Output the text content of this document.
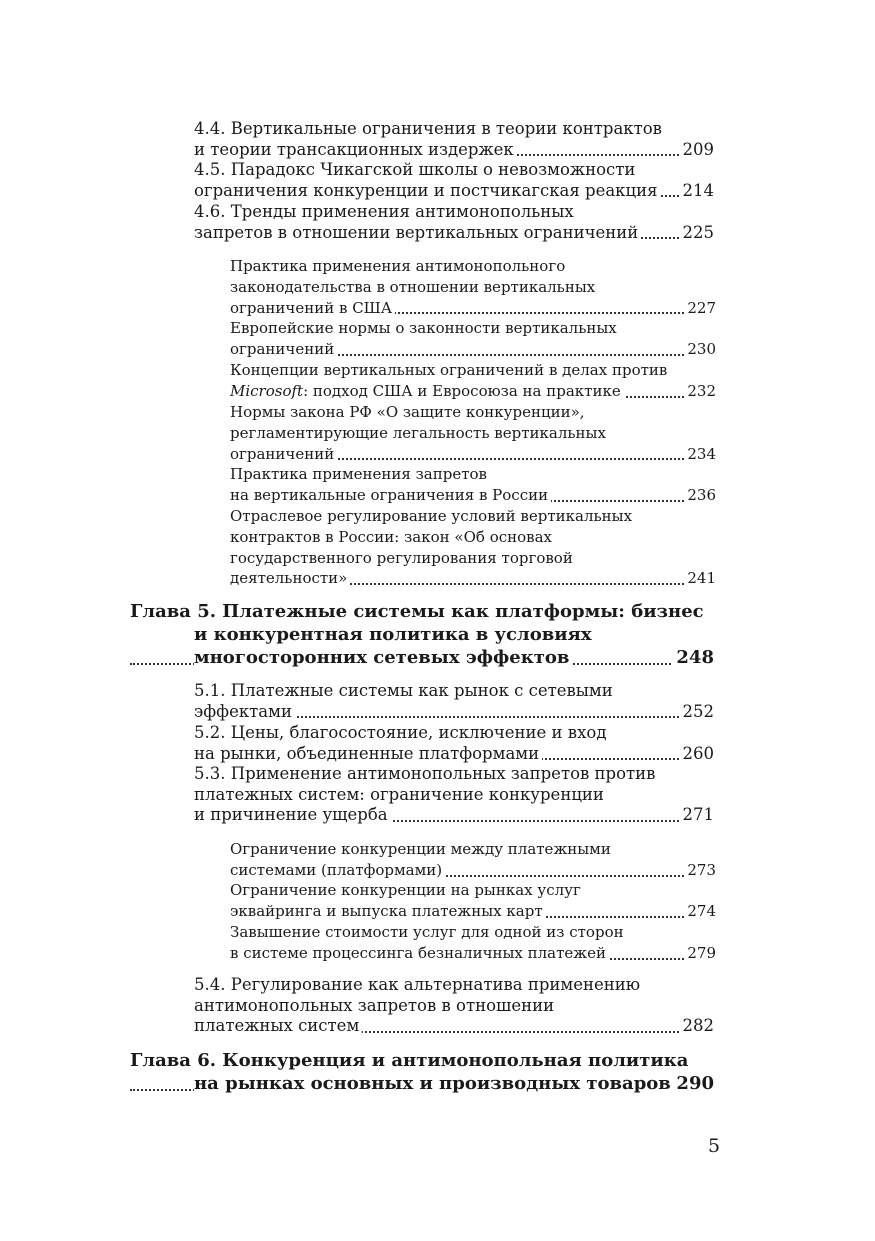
4.4. Вертикальные ограничения в теории контрактов
и теории трансакционных издержек	209
4.5. Парадокс Чикагской школы о невозможности
ограничения конкуренции и постчикагская реакция 214
4.6. Тренды применения антимонопольных
запретов в отношении вертикальных ограничений	225
Практика применения антимонопольного
законодательства в отношении вертикальных
ограничений в США	227
Европейские нормы о законности вертикальных
ограничений	230
Концепции вертикальных ограничений в делах против
Microsoft: подход США и Евросоюза на практике	232
Нормы закона РФ «О защите конкуренции»,
регламентирующие легальность вертикальных
ограничений	234
Практика применения запретов
на вертикальные ограничения в России	236
Отраслевое регулирование условий вертикальных
контрактов в России: закон «Об основах
государственного регулирования торговой
деятельности»	241
Глава 5. Платежные системы как платформы: бизнес
и конкурентная политика в условиях
многосторонних сетевых эффектов	248
5.1. Платежные системы как рынок с сетевыми
эффектами	252
5.2. Цены, благосостояние, исключение и вход
на рынки, объединенные платформами	260
5.3. Применение антимонопольных запретов против
платежных систем: ограничение конкуренции
и причинение ущерба	271
Ограничение конкуренции между платежными
системами (платформами)	273
Ограничение конкуренции на рынках услуг
эквайринга и выпуска платежных карт	274
Завышение стоимости услуг для одной из сторон
в системе процессинга безналичных платежей	279
5.4. Регулирование как альтернатива применению
антимонопольных запретов в отношении
платежных систем	282
Глава 6. Конкуренция и антимонопольная политика
на рынках основных и производных товаров 290
5
